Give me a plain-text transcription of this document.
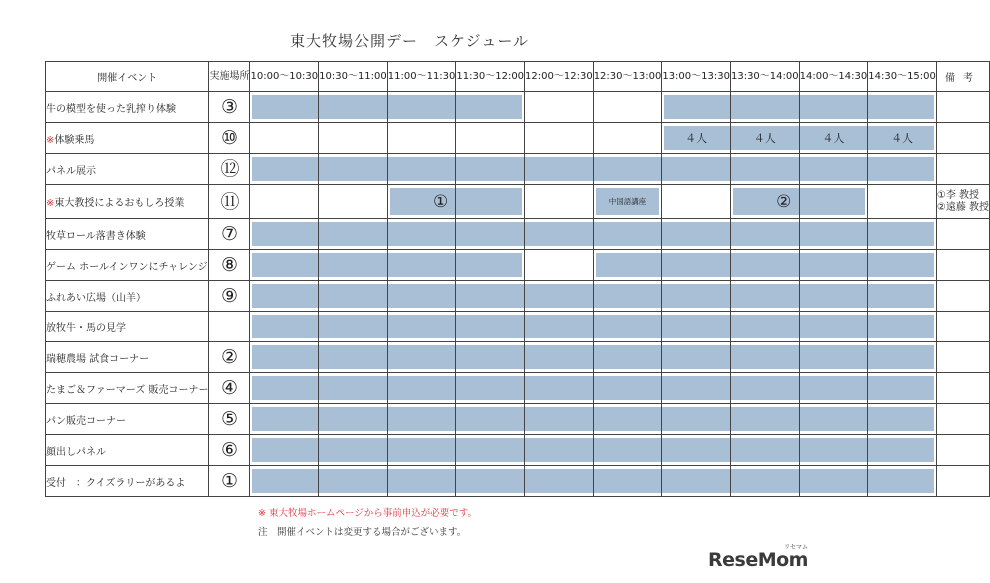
東大牧場公開デー　スケジュール
開催イベント	実施場所	10:00～10:30	10:30～11:00	11:00～11:30	11:30～12:00	12:00～12:30	12:30～13:00	13:00～13:30	13:30～14:00	14:00～14:30	14:30～15:00	備考
牛の模型を使った乳搾り体験	③	

※体験乗馬	⑩							４人	４人	４人	４人	

パネル展示	⑫	

※東大教授によるおもしろ授業	⑪			①			中国語講座		②			①李 教授
②遠藤 教授

牧草ロール落書き体験	⑦	

ゲーム ホールインワンにチャレンジ	⑧	

ふれあい広場（山羊）	⑨	

放牧牛・馬の見学		

瑞穂農場 試食コーナー	②	

たまご＆ファーマーズ 販売コーナー	④	

パン販売コーナー	⑤	

顔出しパネル	⑥	

受付　：クイズラリーがあるよ	①	

※ 東大牧場ホームページから事前申込が必要です。
注　開催イベントは変更する場合がございます。
ReseMom
リセマム
